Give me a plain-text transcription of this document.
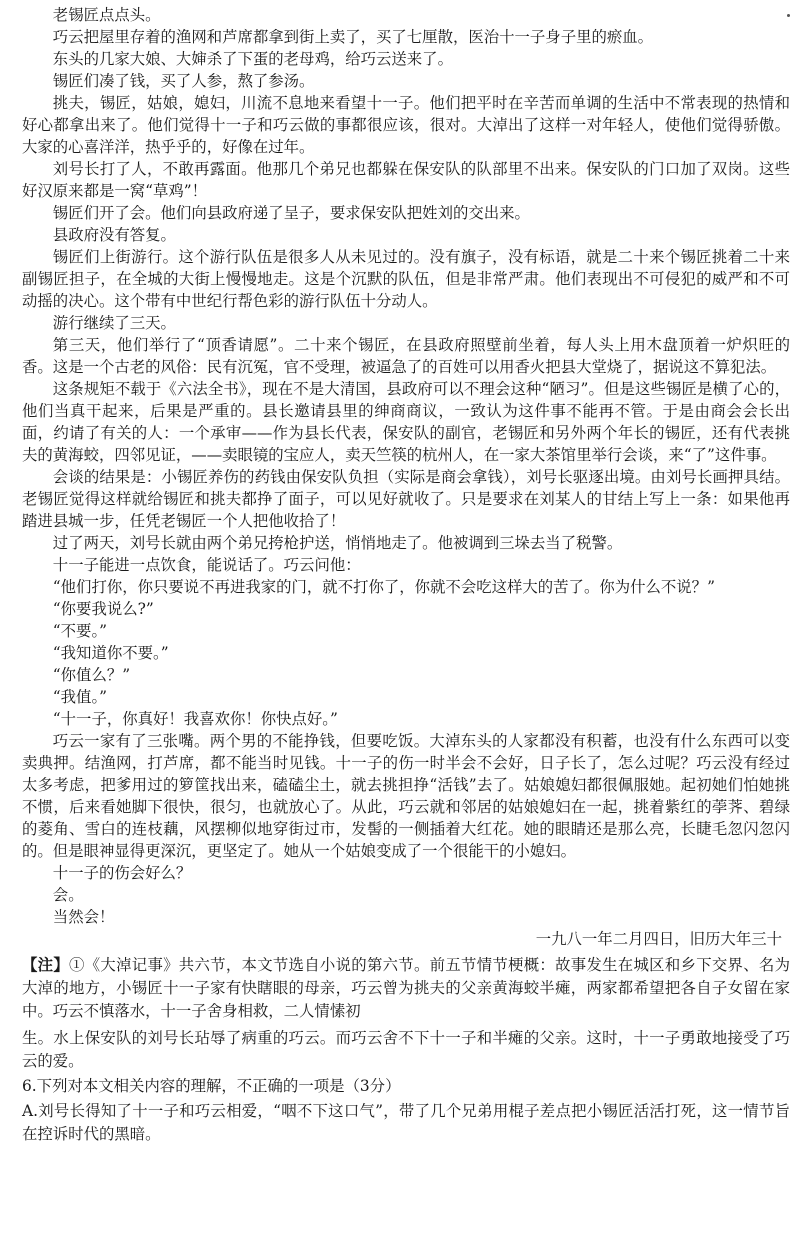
老锡匠点点头。

巧云把屋里存着的渔网和芦席都拿到街上卖了，买了七厘散，医治十一子身子里的瘀血。

东头的几家大娘、大婶杀了下蛋的老母鸡，给巧云送来了。

锡匠们凑了钱，买了人参，熬了参汤。

挑夫，锡匠，姑娘，媳妇，川流不息地来看望十一子。他们把平时在辛苦而单调的生活中不常表现的热情和好心都拿出来了。他们觉得十一子和巧云做的事都很应该，很对。大淖出了这样一对年轻人，使他们觉得骄傲。大家的心喜洋洋，热乎乎的，好像在过年。

刘号长打了人，不敢再露面。他那几个弟兄也都躲在保安队的队部里不出来。保安队的门口加了双岗。这些好汉原来都是一窝“草鸡”！

锡匠们开了会。他们向县政府递了呈子，要求保安队把姓刘的交出来。

县政府没有答复。

锡匠们上街游行。这个游行队伍是很多人从未见过的。没有旗子，没有标语，就是二十来个锡匠挑着二十来副锡匠担子，在全城的大街上慢慢地走。这是个沉默的队伍，但是非常严肃。他们表现出不可侵犯的威严和不可动摇的决心。这个带有中世纪行帮色彩的游行队伍十分动人。

游行继续了三天。

第三天，他们举行了“顶香请愿”。二十来个锡匠，在县政府照壁前坐着，每人头上用木盘顶着一炉炽旺的香。这是一个古老的风俗：民有沉冤，官不受理，被逼急了的百姓可以用香火把县大堂烧了，据说这不算犯法。

这条规矩不载于《六法全书》，现在不是大清国，县政府可以不理会这种“陋习”。但是这些锡匠是横了心的，他们当真干起来，后果是严重的。县长邀请县里的绅商商议，一致认为这件事不能再不管。于是由商会会长出面，约请了有关的人：一个承审——作为县长代表，保安队的副官，老锡匠和另外两个年长的锡匠，还有代表挑夫的黄海蛟，四邻见证，——卖眼镜的宝应人，卖天竺筷的杭州人，在一家大茶馆里举行会谈，来“了”这件事。

会谈的结果是：小锡匠养伤的药钱由保安队负担（实际是商会拿钱），刘号长驱逐出境。由刘号长画押具结。老锡匠觉得这样就给锡匠和挑夫都挣了面子，可以见好就收了。只是要求在刘某人的甘结上写上一条：如果他再踏进县城一步，任凭老锡匠一个人把他收拾了！

过了两天，刘号长就由两个弟兄挎枪护送，悄悄地走了。他被调到三垛去当了税警。

十一子能进一点饮食，能说话了。巧云问他：

“他们打你，你只要说不再进我家的门，就不打你了，你就不会吃这样大的苦了。你为什么不说？”

“你要我说么?”

“不要。”

“我知道你不要。”

“你值么？”

“我值。”

“十一子，你真好！我喜欢你！你快点好。”

巧云一家有了三张嘴。两个男的不能挣钱，但要吃饭。大淖东头的人家都没有积蓄，也没有什么东西可以变卖典押。结渔网，打芦席，都不能当时见钱。十一子的伤一时半会不会好，日子长了，怎么过呢？巧云没有经过太多考虑，把爹用过的箩筐找出来，磕磕尘土，就去挑担挣“活钱”去了。姑娘媳妇都很佩服她。起初她们怕她挑不惯，后来看她脚下很快，很匀，也就放心了。从此，巧云就和邻居的姑娘媳妇在一起，挑着紫红的荸荠、碧绿的菱角、雪白的连枝藕，风摆柳似地穿街过市，发髻的一侧插着大红花。她的眼睛还是那么亮，长睫毛忽闪忽闪的。但是眼神显得更深沉，更坚定了。她从一个姑娘变成了一个很能干的小媳妇。

十一子的伤会好么？

会。

当然会！

一九八一年二月四日，旧历大年三十

【注】①《大淖记事》共六节，本文节选自小说的第六节。前五节情节梗概：故事发生在城区和乡下交界、名为大淖的地方，小锡匠十一子家有快瞎眼的母亲，巧云曾为挑夫的父亲黄海蛟半瘫，两家都希望把各自子女留在家中。巧云不慎落水，十一子舍身相救，二人情愫初

生。水上保安队的刘号长玷辱了病重的巧云。而巧云舍不下十一子和半瘫的父亲。这时，十一子勇敢地接受了巧云的爱。

6.下列对本文相关内容的理解，不正确的一项是（3分）

A.刘号长得知了十一子和巧云相爱，“咽不下这口气”，带了几个兄弟用棍子差点把小锡匠活活打死，这一情节旨在控诉时代的黑暗。
